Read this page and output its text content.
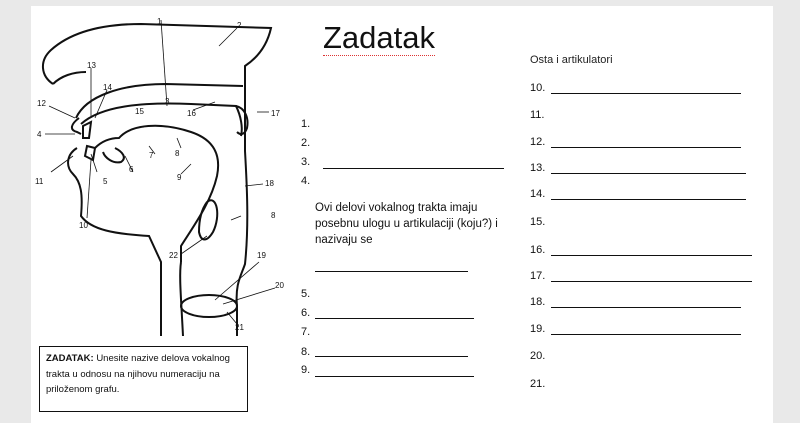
1	2
3
4
5
6
7	8
9
10
11
12
13
14
15	16	17
18
8
19
20
21
22
ZADATAK: Unesite nazive delova vokalnog trakta u odnosu na njihovu numeraciju na priloženom grafu.
Zadatak
1.
2.
3.
4.
Ovi delovi vokalnog trakta imaju posebnu ulogu u artikulaciji (koju?) i nazivaju se
5.
6.
7.
8.
9.
Osta i artikulatori
10.
11.
12.
13.
14.
15.
16.
17.
18.
19.
20.
21.
